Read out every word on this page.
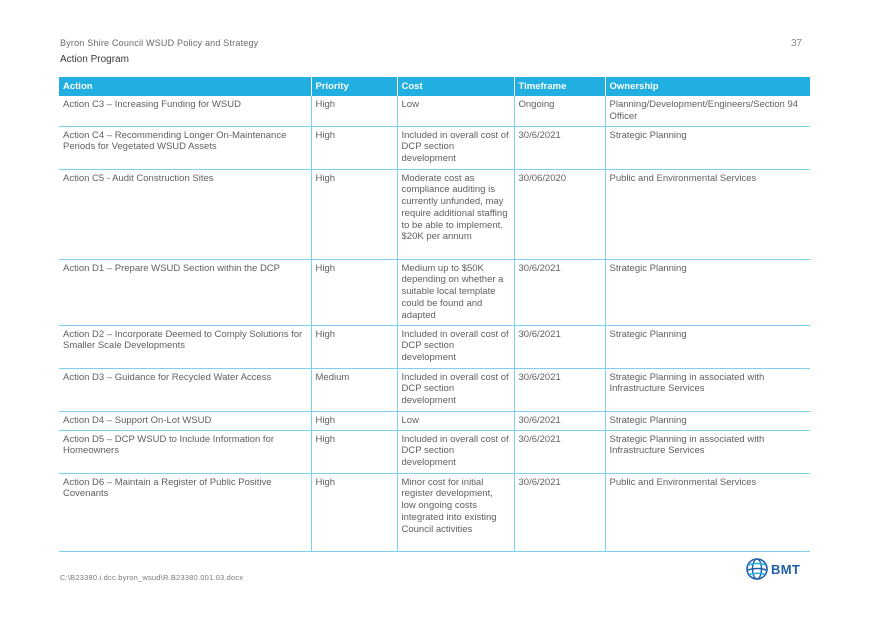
Byron Shire Council WSUD Policy and Strategy	37
Action Program
Action	Priority	Cost	Timeframe	Ownership
Action C3 – Increasing Funding for WSUD	High	Low	Ongoing	Planning/Development/Engineers/Section 94 Officer
Action C4 – Recommending Longer On-Maintenance Periods for Vegetated WSUD Assets	High	Included in overall cost of DCP section development	30/6/2021	Strategic Planning
Action C5 - Audit Construction Sites	High	Moderate cost as compliance auditing is currently unfunded, may require additional staffing to be able to implement. $20K per annum	30/06/2020	Public and Environmental Services
Action D1 – Prepare WSUD Section within the DCP	High	Medium up to $50K depending on whether a suitable local template could be found and adapted	30/6/2021	Strategic Planning
Action D2 – Incorporate Deemed to Comply Solutions for Smaller Scale Developments	High	Included in overall cost of DCP section development	30/6/2021	Strategic Planning
Action D3 – Guidance for Recycled Water Access	Medium	Included in overall cost of DCP section development	30/6/2021	Strategic Planning in associated with Infrastructure Services
Action D4 – Support On-Lot WSUD	High	Low	30/6/2021	Strategic Planning
Action D5 – DCP WSUD to Include Information for Homeowners	High	Included in overall cost of DCP section development	30/6/2021	Strategic Planning in associated with Infrastructure Services
Action D6 – Maintain a Register of Public Positive Covenants	High	Minor cost for initial register development, low ongoing costs integrated into existing Council activities	30/6/2021	Public and Environmental Services
C:\B23380.i.dcc.byron_wsud\R.B23380.001.03.docx
BMT
